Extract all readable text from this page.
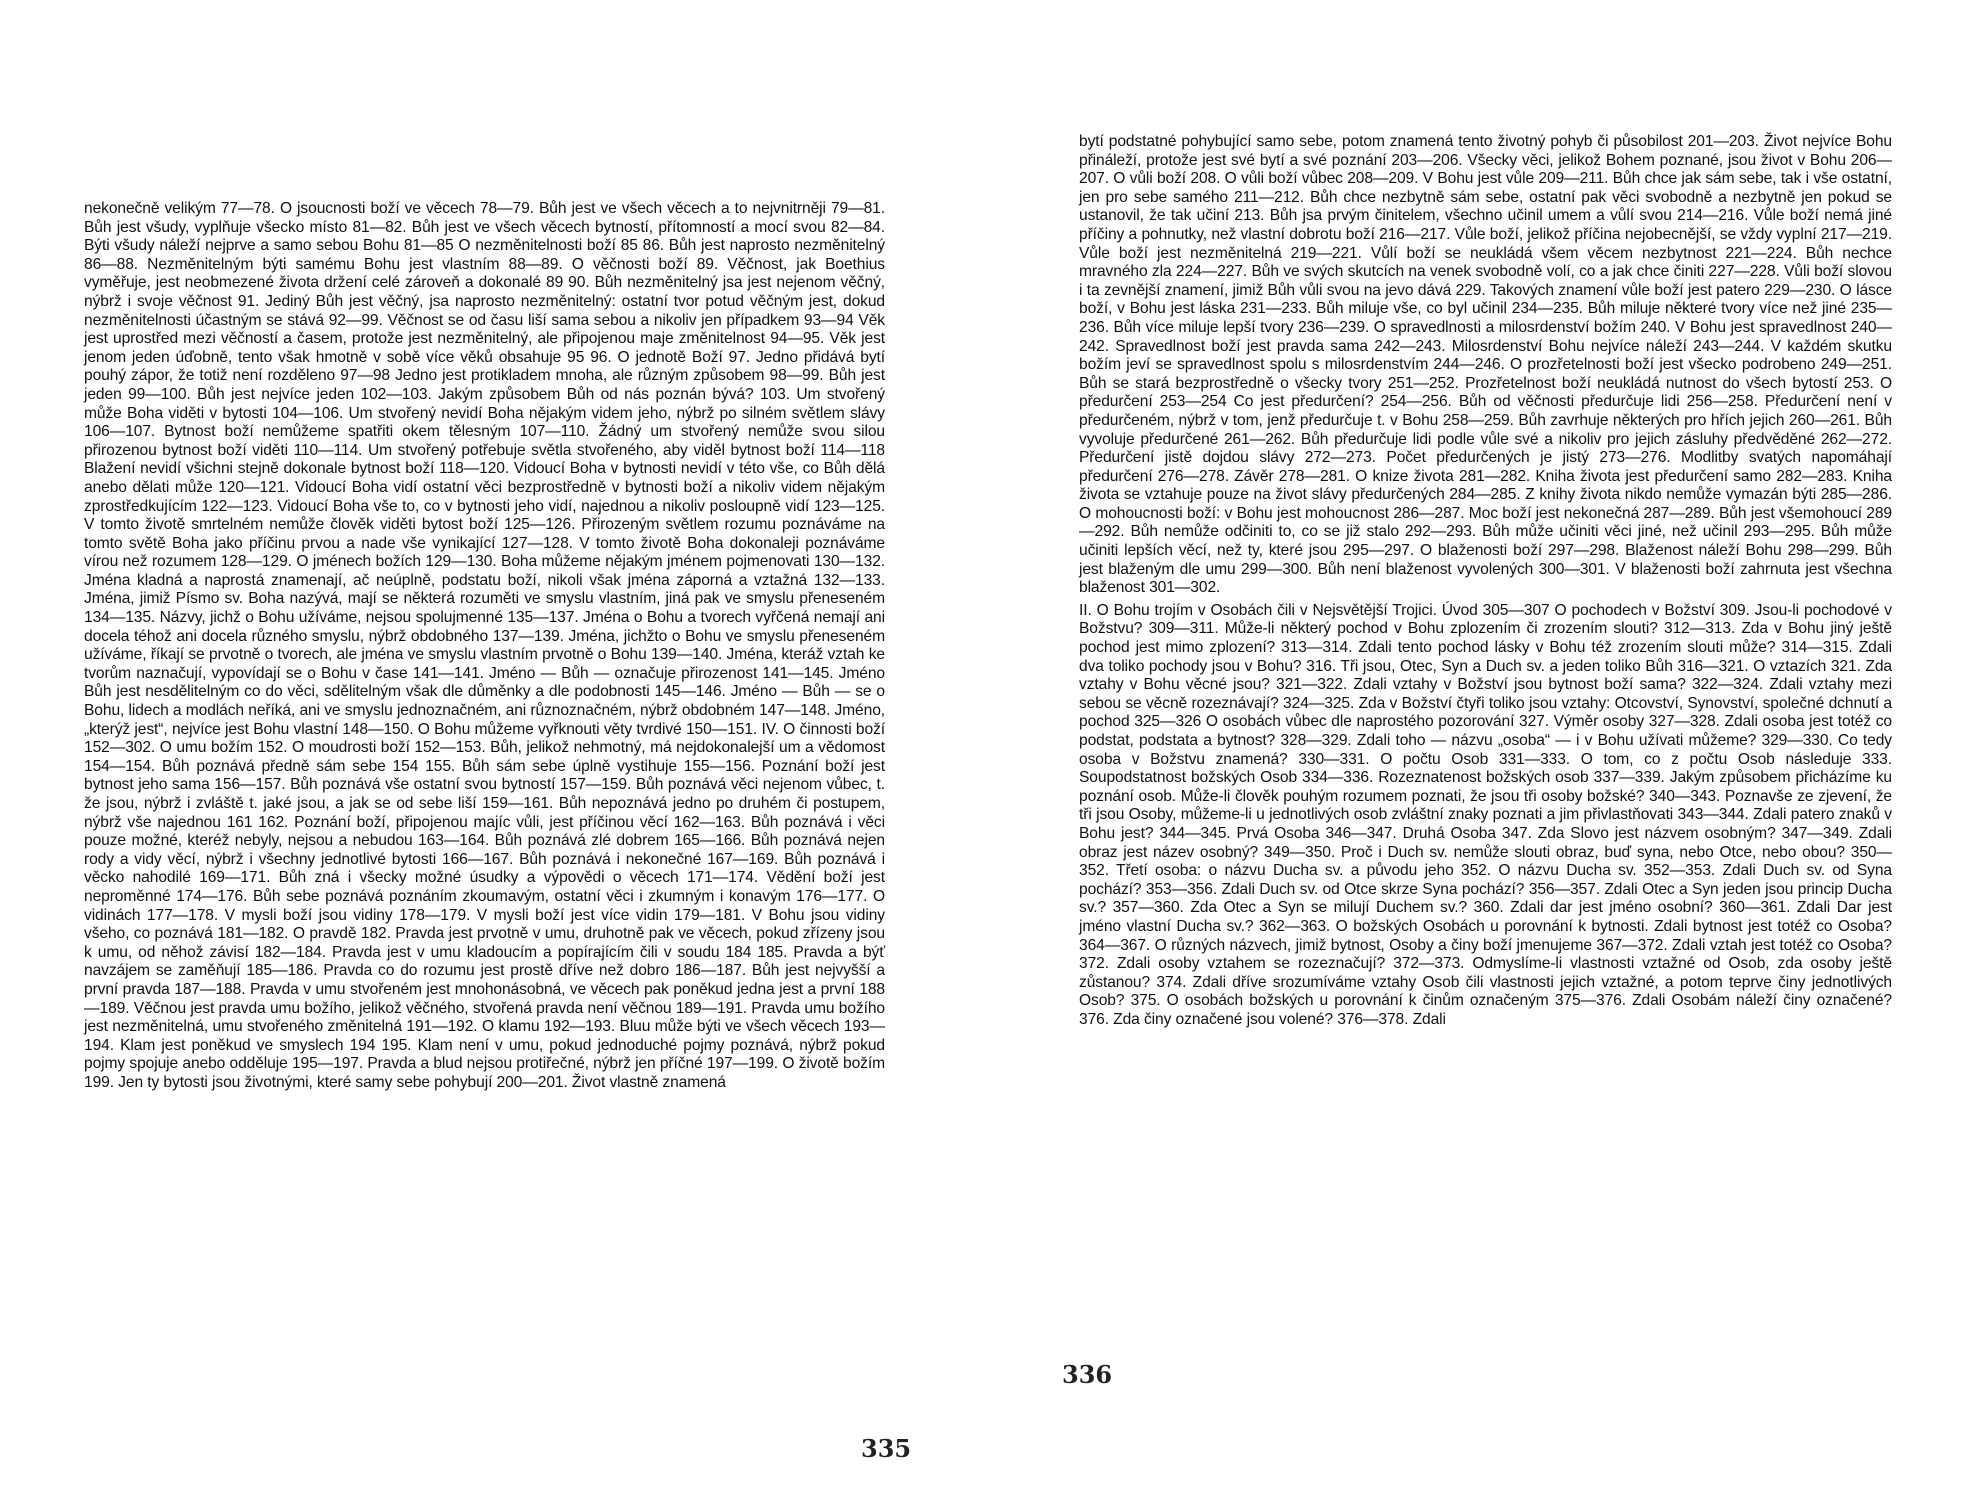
nekonečně velikým 77—78. O jsoucnosti boží ve věcech 78—79. Bůh jest ve všech věcech a to nejvnitrněji 79—81. Bůh jest všudy, vyplňuje všecko místo 81—82. Bůh jest ve všech věcech bytností, přítomností a mocí svou 82—84. Býti všudy náleží nejprve a samo sebou Bohu 81—85 O nezměnitelnosti boží 85 86. Bůh jest naprosto nezměnitelný 86—88. Nezměnitelným býti samému Bohu jest vlastním 88—89. O věčnosti boží 89. Věčnost, jak Boethius vyměřuje, jest neobmezené života držení celé zároveň a dokonalé 89 90. Bůh nezměnitelný jsa jest nejenom věčný, nýbrž i svoje věčnost 91. Jediný Bůh jest věčný, jsa naprosto nezměnitelný: ostatní tvor potud věčným jest, dokud nezměnitelnosti účastným se stává 92—99. Věčnost se od času liší sama sebou a nikoliv jen případkem 93—94 Věk jest uprostřed mezi věčností a časem, protože jest nezměnitelný, ale připojenou maje změnitelnost 94—95. Věk jest jenom jeden úďobně, tento však hmotně v sobě více věků obsahuje 95 96. O jednotě Boží 97. Jedno přidává bytí pouhý zápor, že totiž není rozděleno 97—98 Jedno jest protikladem mnoha, ale různým způsobem 98—99. Bůh jest jeden 99—100. Bůh jest nejvíce jeden 102—103. Jakým způsobem Bůh od nás poznán bývá? 103. Um stvořený může Boha viděti v bytosti 104—106. Um stvořený nevidí Boha nějakým videm jeho, nýbrž po silném světlem slávy 106—107. Bytnost boží nemůžeme spatřiti okem tělesným 107—110. Žádný um stvořený nemůže svou silou přirozenou bytnost boží viděti 110—114. Um stvořený potřebuje světla stvořeného, aby viděl bytnost boží 114—118 Blažení nevidí všichni stejně dokonale bytnost boží 118—120. Vidoucí Boha v bytnosti nevidí v této vše, co Bůh dělá anebo dělati může 120—121. Vidoucí Boha vidí ostatní věci bezprostředně v bytnosti boží a nikoliv videm nějakým zprostředkujícím 122—123. Vidoucí Boha vše to, co v bytnosti jeho vidí, najednou a nikoliv posloupně vidí 123—125. V tomto životě smrtelném nemůže člověk viděti bytost boží 125—126. Přirozeným světlem rozumu poznáváme na tomto světě Boha jako příčinu prvou a nade vše vynikající 127—128. V tomto životě Boha dokonaleji poznáváme vírou než rozumem 128—129. O jménech božích 129—130. Boha můžeme nějakým jménem pojmenovati 130—132. Jména kladná a naprostá znamenají, ač neúplně, podstatu boží, nikoli však jména záporná a vztažná 132—133. Jména, jimiž Písmo sv. Boha nazývá, mají se některá rozuměti ve smyslu vlastním, jiná pak ve smyslu přeneseném 134—135. Názvy, jichž o Bohu užíváme, nejsou spolujmenné 135—137. Jména o Bohu a tvorech vyřčená nemají ani docela téhož ani docela různého smyslu, nýbrž obdobného 137—139. Jména, jichžto o Bohu ve smyslu přeneseném užíváme, říkají se prvotně o tvorech, ale jména ve smyslu vlastním prvotně o Bohu 139—140. Jména, kteráž vztah ke tvorům naznačují, vypovídají se o Bohu v čase 141—141. Jméno — Bůh — označuje přirozenost 141—145. Jméno Bůh jest nesdělitelným co do věci, sdělitelným však dle důměnky a dle podobnosti 145—146. Jméno — Bůh — se o Bohu, lidech a modlách neříká, ani ve smyslu jednoznačném, ani různoznačném, nýbrž obdobném 147—148. Jméno, „kterýž jest“, nejvíce jest Bohu vlastní 148—150. O Bohu můžeme vyřknouti věty tvrdivé 150—151. IV. O činnosti boží 152—302. O umu božím 152. O moudrosti boží 152—153. Bůh, jelikož nehmotný, má nejdokonalejší um a vědomost 154—154. Bůh poznává předně sám sebe 154 155. Bůh sám sebe úplně vystihuje 155—156. Poznání boží jest bytnost jeho sama 156—157. Bůh poznává vše ostatní svou bytností 157—159. Bůh poznává věci nejenom vůbec, t. že jsou, nýbrž i zvláště t. jaké jsou, a jak se od sebe liší 159—161. Bůh nepoznává jedno po druhém či postupem, nýbrž vše najednou 161 162. Poznání boží, připojenou majíc vůli, jest příčinou věcí 162—163. Bůh poznává i věci pouze možné, kteréž nebyly, nejsou a nebudou 163—164. Bůh poznává zlé dobrem 165—166. Bůh poznává nejen rody a vidy věcí, nýbrž i všechny jednotlivé bytosti 166—167. Bůh poznává i nekonečné 167—169. Bůh poznává i věcko nahodilé 169—171. Bůh zná i všecky možné úsudky a výpovědi o věcech 171—174. Vědění boží jest neproměnné 174—176. Bůh sebe poznává poznáním zkoumavým, ostatní věci i zkumným i konavým 176—177. O vidinách 177—178. V mysli boží jsou vidiny 178—179. V mysli boží jest více vidin 179—181. V Bohu jsou vidiny všeho, co poznává 181—182. O pravdě 182. Pravda jest prvotně v umu, druhotně pak ve věcech, pokud zřízeny jsou k umu, od něhož závisí 182—184. Pravda jest v umu kladoucím a popírajícím čili v soudu 184 185. Pravda a býť navzájem se zaměňují 185—186. Pravda co do rozumu jest prostě dříve než dobro 186—187. Bůh jest nejvyšší a první pravda 187—188. Pravda v umu stvořeném jest mnohonásobná, ve věcech pak poněkud jedna jest a první 188—189. Věčnou jest pravda umu božího, jelikož věčného, stvořená pravda není věčnou 189—191. Pravda umu božího jest nezměnitelná, umu stvořeného změnitelná 191—192. O klamu 192—193. Bluu může býti ve všech věcech 193—194. Klam jest poněkud ve smyslech 194 195. Klam není v umu, pokud jednoduché pojmy poznává, nýbrž pokud pojmy spojuje anebo odděluje 195—197. Pravda a blud nejsou protiřečné, nýbrž jen příčné 197—199. O životě božím 199. Jen ty bytosti jsou životnými, které samy sebe pohybují 200—201. Život vlastně znamená

335

bytí podstatné pohybující samo sebe, potom znamená tento životný pohyb či působilost 201—203. Život nejvíce Bohu přináleží, protože jest své bytí a své poznání 203—206. Všecky věci, jelikož Bohem poznané, jsou život v Bohu 206—207. O vůli boží 208. O vůli boží vůbec 208—209. V Bohu jest vůle 209—211. Bůh chce jak sám sebe, tak i vše ostatní, jen pro sebe samého 211—212. Bůh chce nezbytně sám sebe, ostatní pak věci svobodně a nezbytně jen pokud se ustanovil, že tak učiní 213. Bůh jsa prvým činitelem, všechno učinil umem a vůlí svou 214—216. Vůle boží nemá jiné příčiny a pohnutky, než vlastní dobrotu boží 216—217. Vůle boží, jelikož příčina nejobecnější, se vždy vyplní 217—219. Vůle boží jest nezměnitelná 219—221. Vůlí boží se neukládá všem věcem nezbytnost 221—224. Bůh nechce mravného zla 224—227. Bůh ve svých skutcích na venek svobodně volí, co a jak chce činiti 227—228. Vůli boží slovou i ta zevnější znamení, jimiž Bůh vůli svou na jevo dává 229. Takových znamení vůle boží jest patero 229—230. O lásce boží, v Bohu jest láska 231—233. Bůh miluje vše, co byl učinil 234—235. Bůh miluje některé tvory více než jiné 235—236. Bůh více miluje lepší tvory 236—239. O spravedlnosti a milosrdenství božím 240. V Bohu jest spravedlnost 240—242. Spravedlnost boží jest pravda sama 242—243. Milosrdenství Bohu nejvíce náleží 243—244. V každém skutku božím jeví se spravedlnost spolu s milosrdenstvím 244—246. O prozřetelnosti boží jest všecko podrobeno 249—251. Bůh se stará bezprostředně o všecky tvory 251—252. Prozřetelnost boží neukládá nutnost do všech bytostí 253. O předurčení 253—254 Co jest předurčení? 254—256. Bůh od věčnosti předurčuje lidi 256—258. Předurčení není v předurčeném, nýbrž v tom, jenž předurčuje t. v Bohu 258—259. Bůh zavrhuje některých pro hřích jejich 260—261. Bůh vyvoluje předurčené 261—262. Bůh předurčuje lidi podle vůle své a nikoliv pro jejich zásluhy předvěděné 262—272. Předurčení jistě dojdou slávy 272—273. Počet předurčených je jistý 273—276. Modlitby svatých napomáhají předurčení 276—278. Závěr 278—281. O knize života 281—282. Kniha života jest předurčení samo 282—283. Kniha života se vztahuje pouze na život slávy předurčených 284—285. Z knihy života nikdo nemůže vymazán býti 285—286. O mohoucnosti boží: v Bohu jest mohoucnost 286—287. Moc boží jest nekonečná 287—289. Bůh jest všemohoucí 289—292. Bůh nemůže odčiniti to, co se již stalo 292—293. Bůh může učiniti věci jiné, než učinil 293—295. Bůh může učiniti lepších věcí, než ty, které jsou 295—297. O blaženosti boží 297—298. Blaženost náleží Bohu 298—299. Bůh jest blaženým dle umu 299—300. Bůh není blaženost vyvolených 300—301. V blaženosti boží zahrnuta jest všechna blaženost 301—302.

II. O Bohu trojím v Osobách čili v Nejsvětější Trojici. Úvod 305—307 O pochodech v Božství 309. Jsou-li pochodové v Božstvu? 309—311. Může-li některý pochod v Bohu zplozením či zrozením slouti? 312—313. Zda v Bohu jiný ještě pochod jest mimo zplození? 313—314. Zdali tento pochod lásky v Bohu též zrozením slouti může? 314—315. Zdali dva toliko pochody jsou v Bohu? 316. Tři jsou, Otec, Syn a Duch sv. a jeden toliko Bůh 316—321. O vztazích 321. Zda vztahy v Bohu věcné jsou? 321—322. Zdali vztahy v Božství jsou bytnost boží sama? 322—324. Zdali vztahy mezi sebou se věcně rozeznávají? 324—325. Zda v Božství čtyři toliko jsou vztahy: Otcovství, Synovství, společné dchnutí a pochod 325—326 O osobách vůbec dle naprostého pozorování 327. Výměr osoby 327—328. Zdali osoba jest totéž co podstat, podstata a bytnost? 328—329. Zdali toho — názvu „osoba“ — i v Bohu užívati můžeme? 329—330. Co tedy osoba v Božstvu znamená? 330—331. O počtu Osob 331—333. O tom, co z počtu Osob následuje 333. Soupodstatnost božských Osob 334—336. Rozeznatenost božských osob 337—339. Jakým způsobem přicházíme ku poznání osob. Může-li člověk pouhým rozumem poznati, že jsou tři osoby božské? 340—343. Poznavše ze zjevení, že tři jsou Osoby, můžeme-li u jednotlivých osob zvláštní znaky poznati a jim přivlastňovati 343—344. Zdali patero znaků v Bohu jest? 344—345. Prvá Osoba 346—347. Druhá Osoba 347. Zda Slovo jest názvem osobným? 347—349. Zdali obraz jest název osobný? 349—350. Proč i Duch sv. nemůže slouti obraz, buď syna, nebo Otce, nebo obou? 350—352. Třetí osoba: o názvu Ducha sv. a původu jeho 352. O názvu Ducha sv. 352—353. Zdali Duch sv. od Syna pochází? 353—356. Zdali Duch sv. od Otce skrze Syna pochází? 356—357. Zdali Otec a Syn jeden jsou princip Ducha sv.? 357—360. Zda Otec a Syn se milují Duchem sv.? 360. Zdali dar jest jméno osobní? 360—361. Zdali Dar jest jméno vlastní Ducha sv.? 362—363. O božských Osobách u porovnání k bytnosti. Zdali bytnost jest totéž co Osoba? 364—367. O různých názvech, jimiž bytnost, Osoby a činy boží jmenujeme 367—372. Zdali vztah jest totéž co Osoba? 372. Zdali osoby vztahem se rozeznačují? 372—373. Odmyslíme-li vlastnosti vztažné od Osob, zda osoby ještě zůstanou? 374. Zdali dříve srozumíváme vztahy Osob čili vlastnosti jejich vztažné, a potom teprve činy jednotlivých Osob? 375. O osobách božských u porovnání k činům označeným 375—376. Zdali Osobám náleží činy označené? 376. Zda činy označené jsou volené? 376—378. Zdali

336
